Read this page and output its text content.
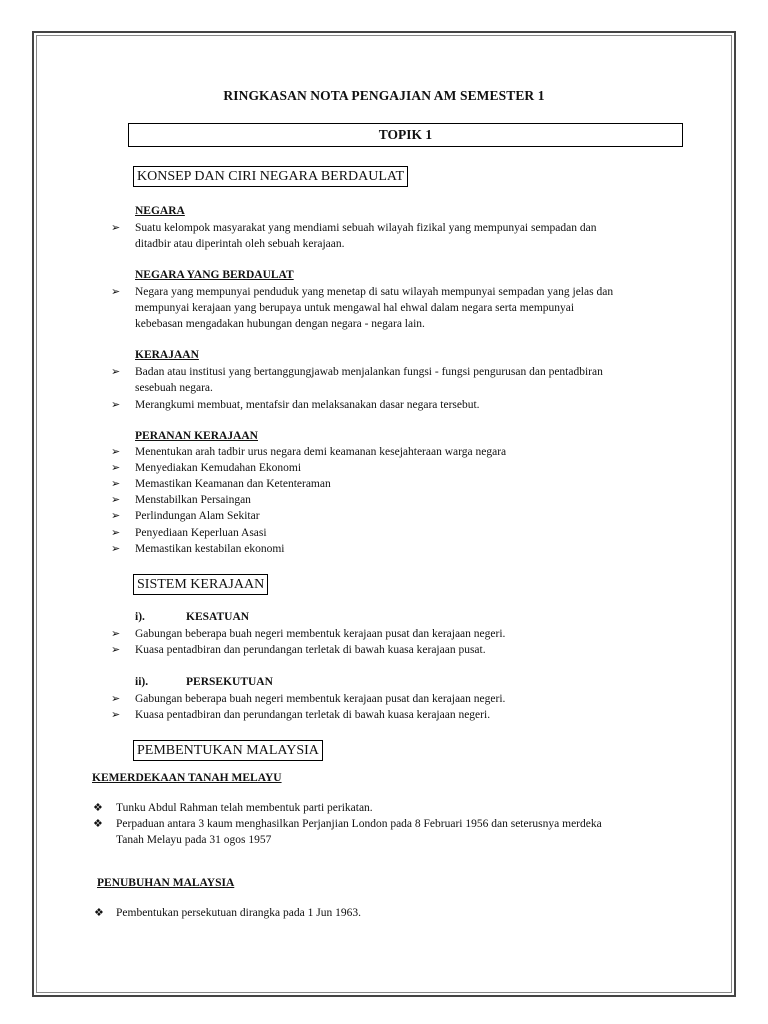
RINGKASAN NOTA PENGAJIAN AM SEMESTER 1
TOPIK 1
KONSEP DAN CIRI NEGARA BERDAULAT
NEGARA
➢	Suatu kelompok masyarakat yang mendiami sebuah wilayah fizikal yang mempunyai sempadan dan
ditadbir atau diperintah oleh sebuah kerajaan.
NEGARA YANG BERDAULAT
➢	Negara yang mempunyai penduduk yang menetap di satu wilayah mempunyai sempadan yang jelas dan
mempunyai kerajaan yang berupaya untuk mengawal hal ehwal dalam negara serta mempunyai
kebebasan mengadakan hubungan dengan negara - negara lain.
KERAJAAN
➢	Badan atau institusi yang bertanggungjawab menjalankan fungsi - fungsi pengurusan dan pentadbiran
sesebuah negara.
➢	Merangkumi membuat, mentafsir dan melaksanakan dasar negara tersebut.
PERANAN KERAJAAN
➢	Menentukan arah tadbir urus negara demi keamanan kesejahteraan warga negara
➢	Menyediakan Kemudahan Ekonomi
➢	Memastikan Keamanan dan Ketenteraman
➢	Menstabilkan Persaingan
➢	Perlindungan Alam Sekitar
➢	Penyediaan Keperluan Asasi
➢	Memastikan kestabilan ekonomi
SISTEM KERAJAAN
i).	KESATUAN
➢	Gabungan beberapa buah negeri membentuk kerajaan pusat dan kerajaan negeri.
➢	Kuasa pentadbiran dan perundangan terletak di bawah kuasa kerajaan pusat.
ii).	PERSEKUTUAN
➢	Gabungan beberapa buah negeri membentuk kerajaan pusat dan kerajaan negeri.
➢	Kuasa pentadbiran dan perundangan terletak di bawah kuasa kerajaan negeri.
PEMBENTUKAN MALAYSIA
KEMERDEKAAN TANAH MELAYU
❖	Tunku Abdul Rahman telah membentuk parti perikatan.
❖	Perpaduan antara 3 kaum menghasilkan Perjanjian London pada 8 Februari 1956 dan seterusnya merdeka
Tanah Melayu pada 31 ogos 1957
PENUBUHAN MALAYSIA
❖	Pembentukan persekutuan dirangka pada 1 Jun 1963.
